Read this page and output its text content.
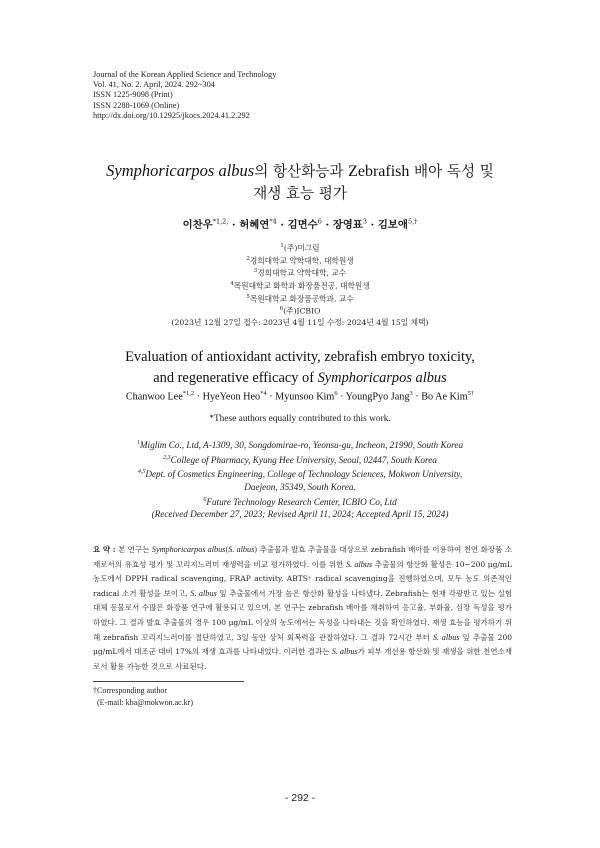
Journal of the Korean Applied Science and Technology
Vol. 41, No. 2. April, 2024. 292~304
ISSN 1225-9098 (Print)
ISSN 2288-1069 (Online)
http://dx.doi.org/10.12925/jkocs.2024.41.2.292
Symphoricarpos albus의 항산화능과 Zebrafish 배아 독성 및
재생 효능 평가
이찬우$^{*1,2,}$ · 허혜연$^{*4}$ · 김면수$^6$ · 장영표$^3$ · 김보애$^{5,\dagger}$
$^1$(주)미그림
$^2$경희대학교 약학대학, 대학원생
$^3$경희대학교 약학대학, 교수
$^4$목원대학교 화학과 화장품전공, 대학원생
$^5$목원대학교 화장품공학과, 교수
$^6$(주)ICBIO
(2023년 12월 27일 접수: 2023년 4월 11일 수정: 2024년 4월 15일 채택)
Evaluation of antioxidant activity, zebrafish embryo toxicity,
and regenerative efficacy of Symphoricarpos albus
Chanwoo Lee$^{*1,2}$ · HyeYeon Heo$^{*4}$ · Myunsoo Kim$^6$ · YoungPyo Jang$^3$ · Bo Ae Kim$^{5\dagger}$
*These authors equally contributed to this work.
$^1$Miglim Co., Ltd, A-1309, 30, Songdomirae-ro, Yeonsu-gu, Incheon, 21990, South Korea
$^{2,3}$College of Pharmacy, Kyung Hee University, Seoul, 02447, South Korea
$^{4,5}$Dept. of Cosmetics Engineering, College of Technology Sciences, Mokwon University,
Daejeon, 35349, South Korea.
$^6$Future Technology Research Center, ICBIO Co, Ltd
(Received December 27, 2023; Revised April 11, 2024; Accepted April 15, 2024)
요 약 : 본 연구는 Symphoricarpos albus(S. albus) 추출물과 발효 추출물을 대상으로 zebrafish 배아를 이용하여 천연 화장품 소재로서의 유효성 평가 및 꼬리지느러미 재생력을 비교 평가하였다. 이를 위한 S. albus 추출물의 항산화 활성은 10~200 μg/mL 농도에서 DPPH radical scavenging, FRAP activity, ABTS⁺ radical scavenging을 진행하였으며, 모두 농도 의존적인 radical 소거 활성을 보이고, S. albus 잎 추출물에서 가장 높은 항산화 활성을 나타냈다. Zebrafish는 현재 각광받고 있는 실험 대체 동물로서 수많은 화장품 연구에 활용되고 있으며, 본 연구는 zebrafish 배아를 채취하여 응고율, 부화율, 심장 독성을 평가하였다. 그 결과 발효 추출물의 경우 100 μg/mL 이상의 농도에서는 독성을 나타내는 것을 확인하였다. 재생 효능을 평가하기 위해 zebrafish 꼬리지느러미를 절단하였고, 3일 동안 상처 회복력을 관찰하였다. 그 결과 72시간 부터 S. albus 잎 추출물 200 μg/mL에서 대조군 대비 17%의 재생 효과를 나타내었다. 이러한 결과는 S. albus가 피부 개선용 항산화 및 재생을 위한 천연소재로서 활용 가능한 것으로 사료된다.
†Corresponding author
(E-mail: kba@mokwon.ac.kr)
- 292 -
